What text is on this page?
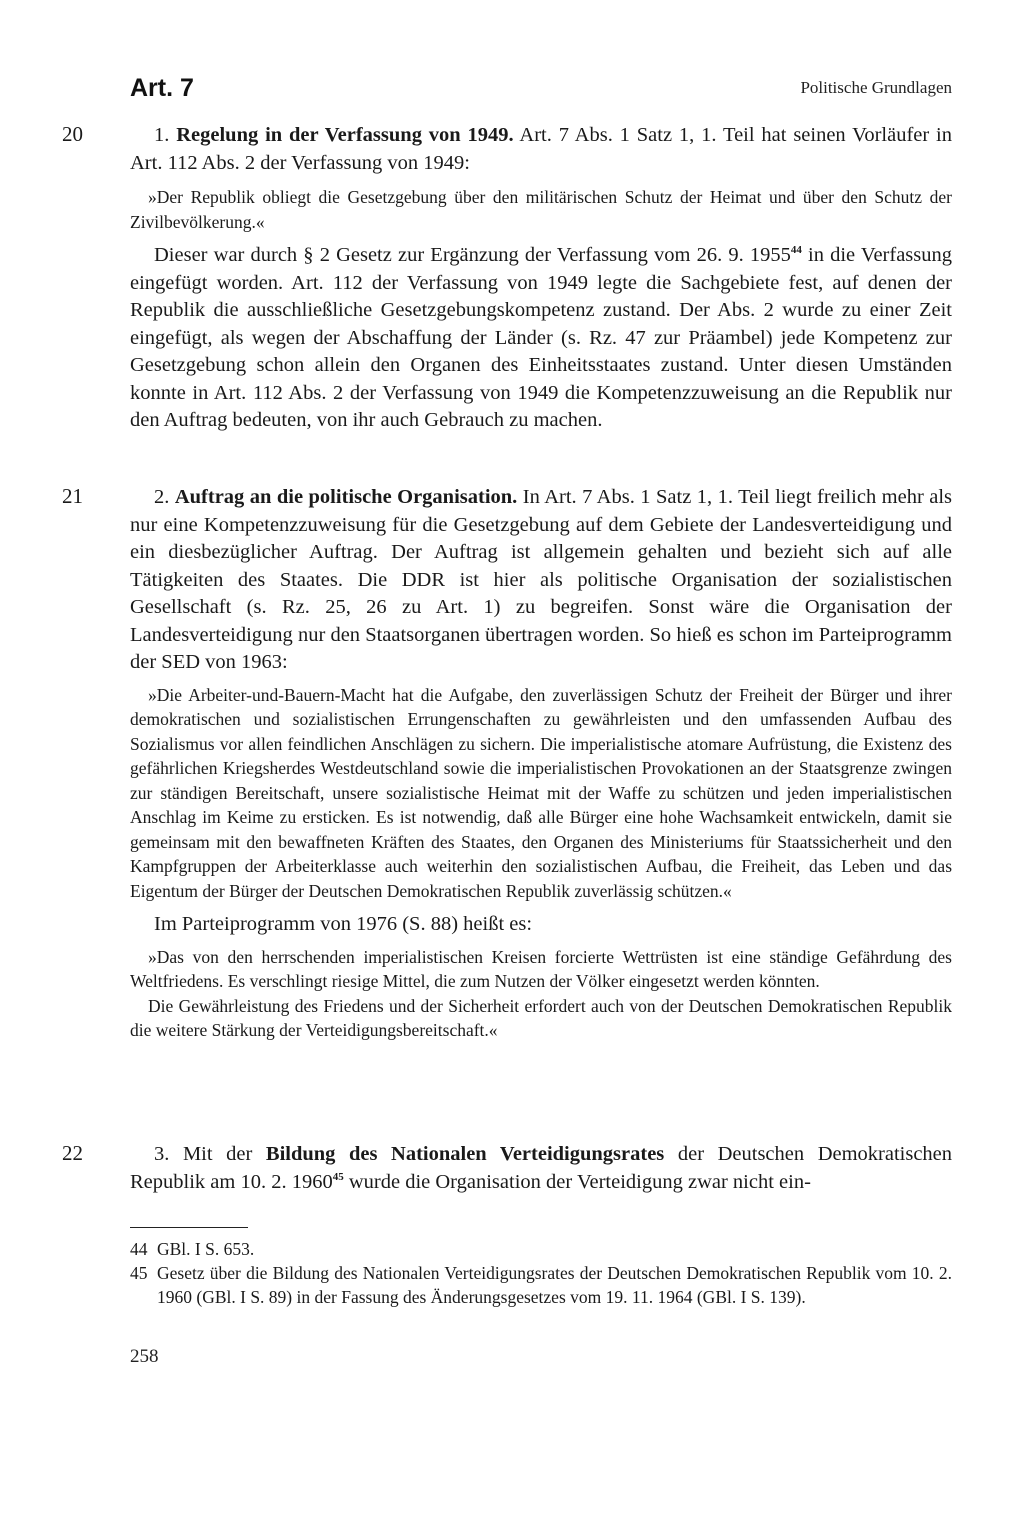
Art. 7	Politische Grundlagen
20	1. Regelung in der Verfassung von 1949. Art. 7 Abs. 1 Satz 1, 1. Teil hat seinen Vorläufer in Art. 112 Abs. 2 der Verfassung von 1949:

»Der Republik obliegt die Gesetzgebung über den militärischen Schutz der Heimat und über den Schutz der Zivilbevölkerung.«

Dieser war durch § 2 Gesetz zur Ergänzung der Verfassung vom 26. 9. 1955$^{44}$ in die Verfassung eingefügt worden. Art. 112 der Verfassung von 1949 legte die Sachgebiete fest, auf denen der Republik die ausschließliche Gesetzgebungskompetenz zustand. Der Abs. 2 wurde zu einer Zeit eingefügt, als wegen der Abschaffung der Länder (s. Rz. 47 zur Präambel) jede Kompetenz zur Gesetzgebung schon allein den Organen des Einheitsstaates zustand. Unter diesen Umständen konnte in Art. 112 Abs. 2 der Verfassung von 1949 die Kompetenzzuweisung an die Republik nur den Auftrag bedeuten, von ihr auch Gebrauch zu machen.

21	2. Auftrag an die politische Organisation. In Art. 7 Abs. 1 Satz 1, 1. Teil liegt freilich mehr als nur eine Kompetenzzuweisung für die Gesetzgebung auf dem Gebiete der Landesverteidigung und ein diesbezüglicher Auftrag. Der Auftrag ist allgemein gehalten und bezieht sich auf alle Tätigkeiten des Staates. Die DDR ist hier als politische Organisation der sozialistischen Gesellschaft (s. Rz. 25, 26 zu Art. 1) zu begreifen. Sonst wäre die Organisation der Landesverteidigung nur den Staatsorganen übertragen worden. So hieß es schon im Parteiprogramm der SED von 1963:

»Die Arbeiter-und-Bauern-Macht hat die Aufgabe, den zuverlässigen Schutz der Freiheit der Bürger und ihrer demokratischen und sozialistischen Errungenschaften zu gewährleisten und den umfassenden Aufbau des Sozialismus vor allen feindlichen Anschlägen zu sichern. Die imperialistische atomare Aufrüstung, die Existenz des gefährlichen Kriegsherdes Westdeutschland sowie die imperialistischen Provokationen an der Staatsgrenze zwingen zur ständigen Bereitschaft, unsere sozialistische Heimat mit der Waffe zu schützen und jeden imperialistischen Anschlag im Keime zu ersticken. Es ist notwendig, daß alle Bürger eine hohe Wachsamkeit entwickeln, damit sie gemeinsam mit den bewaffneten Kräften des Staates, den Organen des Ministeriums für Staatssicherheit und den Kampfgruppen der Arbeiterklasse auch weiterhin den sozialistischen Aufbau, die Freiheit, das Leben und das Eigentum der Bürger der Deutschen Demokratischen Republik zuverlässig schützen.«

Im Parteiprogramm von 1976 (S. 88) heißt es:

»Das von den herrschenden imperialistischen Kreisen forcierte Wettrüsten ist eine ständige Gefährdung des Weltfriedens. Es verschlingt riesige Mittel, die zum Nutzen der Völker eingesetzt werden könnten.

Die Gewährleistung des Friedens und der Sicherheit erfordert auch von der Deutschen Demokratischen Republik die weitere Stärkung der Verteidigungsbereitschaft.«

22	3. Mit der Bildung des Nationalen Verteidigungsrates der Deutschen Demokratischen Republik am 10. 2. 1960$^{45}$ wurde die Organisation der Verteidigung zwar nicht ein-

44 GBl. I S. 653.
45 Gesetz über die Bildung des Nationalen Verteidigungsrates der Deutschen Demokratischen Republik vom 10. 2. 1960 (GBl. I S. 89) in der Fassung des Änderungsgesetzes vom 19. 11. 1964 (GBl. I S. 139).
258
